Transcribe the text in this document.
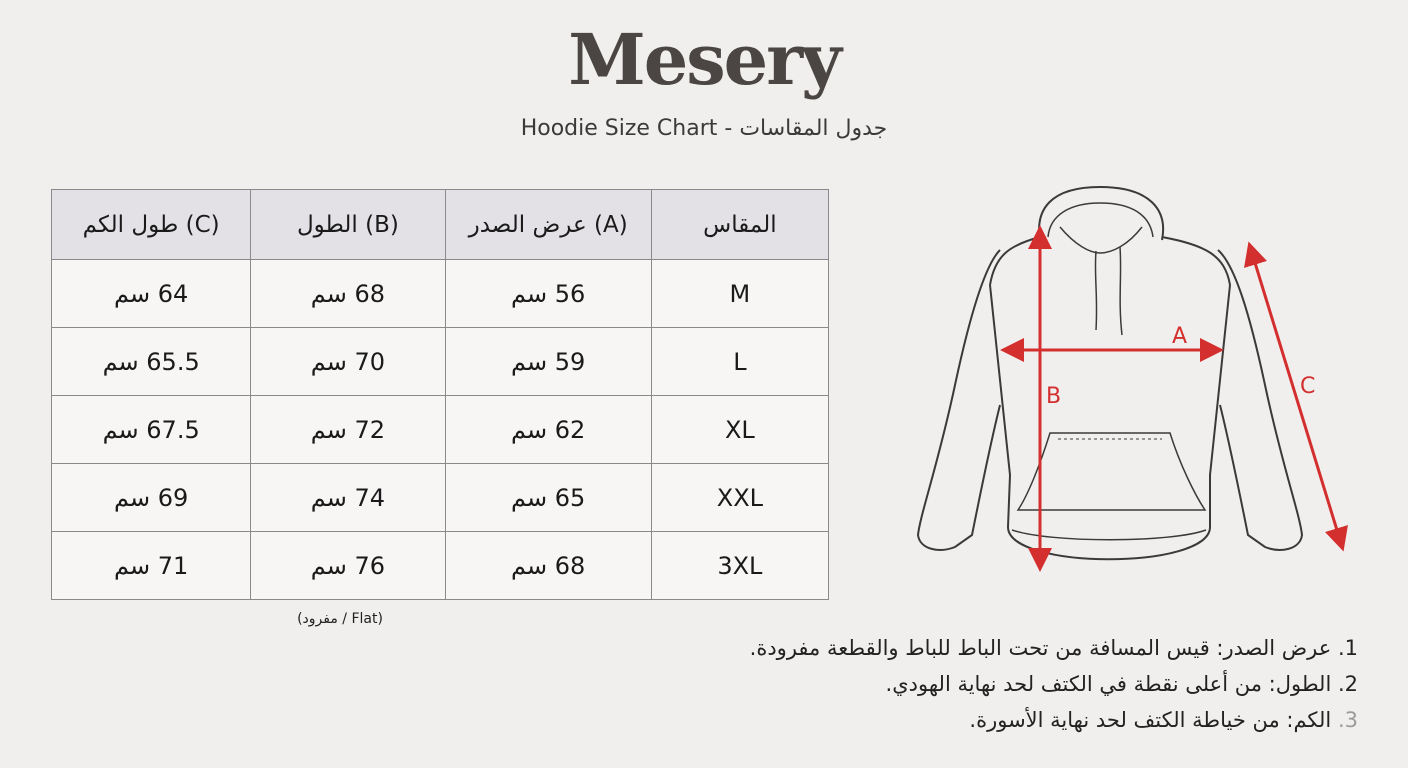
Mesery
Hoodie Size Chart - جدول المقاسات
المقاس	(A) عرض الصدر	(B) الطول	(C) طول الكم
M	56 سم	68 سم	64 سم
L	59 سم	70 سم	65.5 سم
XL	62 سم	72 سم	67.5 سم
XXL	65 سم	74 سم	69 سم
3XL	68 سم	76 سم	71 سم
(مفرود / Flat)
A
B	C
1. عرض الصدر: قيس المسافة من تحت الباط للباط والقطعة مفرودة.
2. الطول: من أعلى نقطة في الكتف لحد نهاية الهودي.
3. الكم: من خياطة الكتف لحد نهاية الأسورة.
